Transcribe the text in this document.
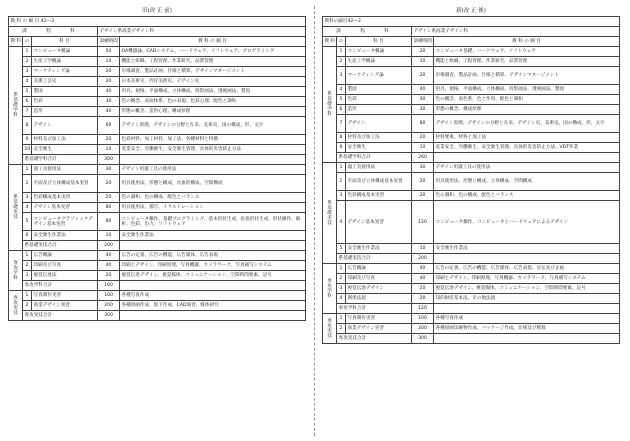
旧(改 正 前)
教 科 の 細 目 42―3				
課 程 科			デザイン系商業デザイン科	
教 科	の	科 目	訓練時間	教 科 の 細 目
系基礎学科	1	コンピュータ概論	50	OA機器論、CADシステム、ハードウェア、ソフトウェア、プログラミング
	2	生産工学概論	10	機能と組織、工程管理、作業研究、品質管理
	3	マーケティング論	20	市場調査、製品計画、仕様と積算、デザインマネージメント
	4	美術工芸史	20	日本美術史、西洋美術史、デザイン史
	5	製図	40	用具、規格、平面構成、立体構成、投影画法、透視画法、製図
	6	色彩	30	色の概念、表面体系、色の表現、色彩心理、配色と調和
	7	造形	40	形態の概念、造形心理、構成原理
	8	デザイン	60	デザイン原理、デザインの分野と在来、美術史、国の構成、形、文字
	9	材料及び加工法	20	色彩材料、加工材料、加工法、各種材料と特徴
	10	安全衛生	10	産業安全、労働衛生、安全衛生管理、具体的災害防止方法
	系基礎学科合計		300	
系基礎実技	1	器工具使用法	30	デザイン用器工具の使用法
	2	平面及び立体構成基本実習	20	用具使用法、形態と構成、具象的構成、空間構成
	3	色彩構成基本実習	20	色の調和、色の構成、配色とバランス
	4	デザイン基本実習	80	用具使用法、描写、イラストレーション
	5	コンピュータグラフィックデザイン基本実習	80	コンピュータ操作、基礎プログラミング、基本形状生成、拡張形状生成、形状操作、解析、色彩、出力、ソフトウェア
	6	安全衛生作業法	10	安全衛生作業法
	系基礎実技合計		200	
専攻学科	1	広告概論	40	広告の定義、広告の機能、広告媒体、広告表現
	2	印刷及び写真	40	印刷とデザイン、印刷原理、写真機器、カメラワーク、写真補写システム
	3	視覚伝達法	20	視覚伝達デザイン、視覚媒体、コミュニケーション、空間時間要素、記号
	専攻学科合計		100	
専攻実技	1	写真制作実習	100	各種写真作成
	2	商業デザイン実習	200	各種原画作成、版下作成、CAD演習、媒体研究
	専攻実技合計		300	
新(改 正 後)
教科の細目42―3				
課 程 科			デザイン系商業デザイン科	
教 科	の	科 目	訓練時間	教 科 の 細 目
系基礎学科	1	コンピュータ概論	20	コンピュータ基礎、ハードウェア、ソフトウェア
	2	生産工学概論	10	機能と組織、工程管理、作業研究、品質管理
	3	マーケティング論	20	市場調査、製品計画、仕様と積算、デザインマネージメント
	4	製図	40	用具、規格、平面構成、立体構成、投影画法、透視画法、製図
	5	色彩	30	色の概念、表色系、色と作用、配色と調和
	6	造形	30	形態の概念、構成原理
	7	デザイン	80	デザイン原理、デザインの分野と在来、デザイン史、美術史、国の構成、形、文字
	8	材料及び加工法	20	材料要素、材料と加工法
	9	安全衛生	10	産業安全、労働衛生、安全衛生管理、具体的災害防止方法、VDT作業
	系基礎学科合計		260	
系基礎実技	1	器工具使用法	30	デザイン用器工具の使用法
	2	平面及び立体構成基本実習	20	用具使用法、形態と構成、立体構成、空間構成
	3	色彩構成基本実習	20	色の調和、色の構成、配色とバランス
	4	デザイン基本実習	120	コンピュータ操作、コンピュータとハードウェアによるデザイン
	5	安全衛生作業法	10	安全衛生作業法
	系基礎実技合計		200	
専攻学科	1	広告概論	40	広告の定義、広告の機能、広告媒体、広告表現、宣伝及び企画
	2	印刷及び写真	40	印刷とデザイン、印刷原理、写真機器、カメラワーク、写真補写システム
	3	視覚伝達デザイン	20	視覚伝達デザイン、視覚媒体、コミュニケーション、空間時間要素、記号
	4	関係法規	20	知的財産基本法、その他法規
	専攻学科合計		120	
専攻実技	1	写真制作実習	100	各種写真作成
	2	商業デザイン実習	200	各種原画印刷物作成、パッケージ作成、仕様及び積算
	専攻実技合計		300	
